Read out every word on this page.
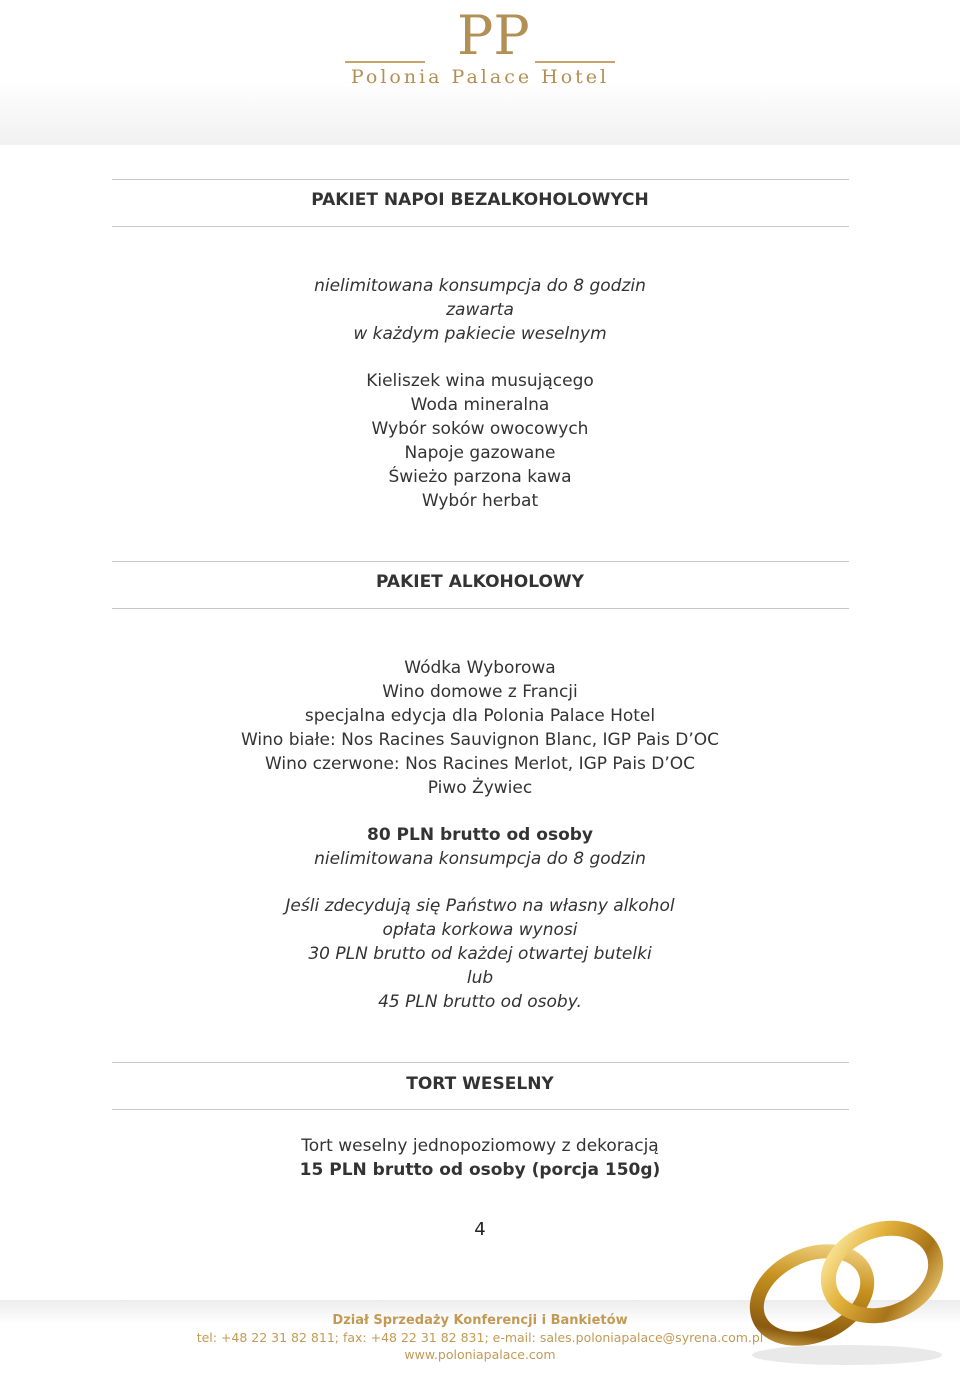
PP
Polonia Palace Hotel
PAKIET NAPOI BEZALKOHOLOWYCH
nielimitowana konsumpcja do 8 godzin
zawarta
w każdym pakiecie weselnym
Kieliszek wina musującego
Woda mineralna
Wybór soków owocowych
Napoje gazowane
Świeżo parzona kawa
Wybór herbat
PAKIET ALKOHOLOWY
Wódka Wyborowa
Wino domowe z Francji
specjalna edycja dla Polonia Palace Hotel
Wino białe: Nos Racines Sauvignon Blanc, IGP Pais D’OC
Wino czerwone: Nos Racines Merlot, IGP Pais D’OC
Piwo Żywiec
80 PLN brutto od osoby
nielimitowana konsumpcja do 8 godzin
Jeśli zdecydują się Państwo na własny alkohol
opłata korkowa wynosi
30 PLN brutto od każdej otwartej butelki
lub
45 PLN brutto od osoby.
TORT WESELNY
Tort weselny jednopoziomowy z dekoracją
15 PLN brutto od osoby (porcja 150g)
4
Dział Sprzedaży Konferencji i Bankietów
tel: +48 22 31 82 811; fax: +48 22 31 82 831; e-mail: sales.poloniapalace@syrena.com.pl
www.poloniapalace.com
